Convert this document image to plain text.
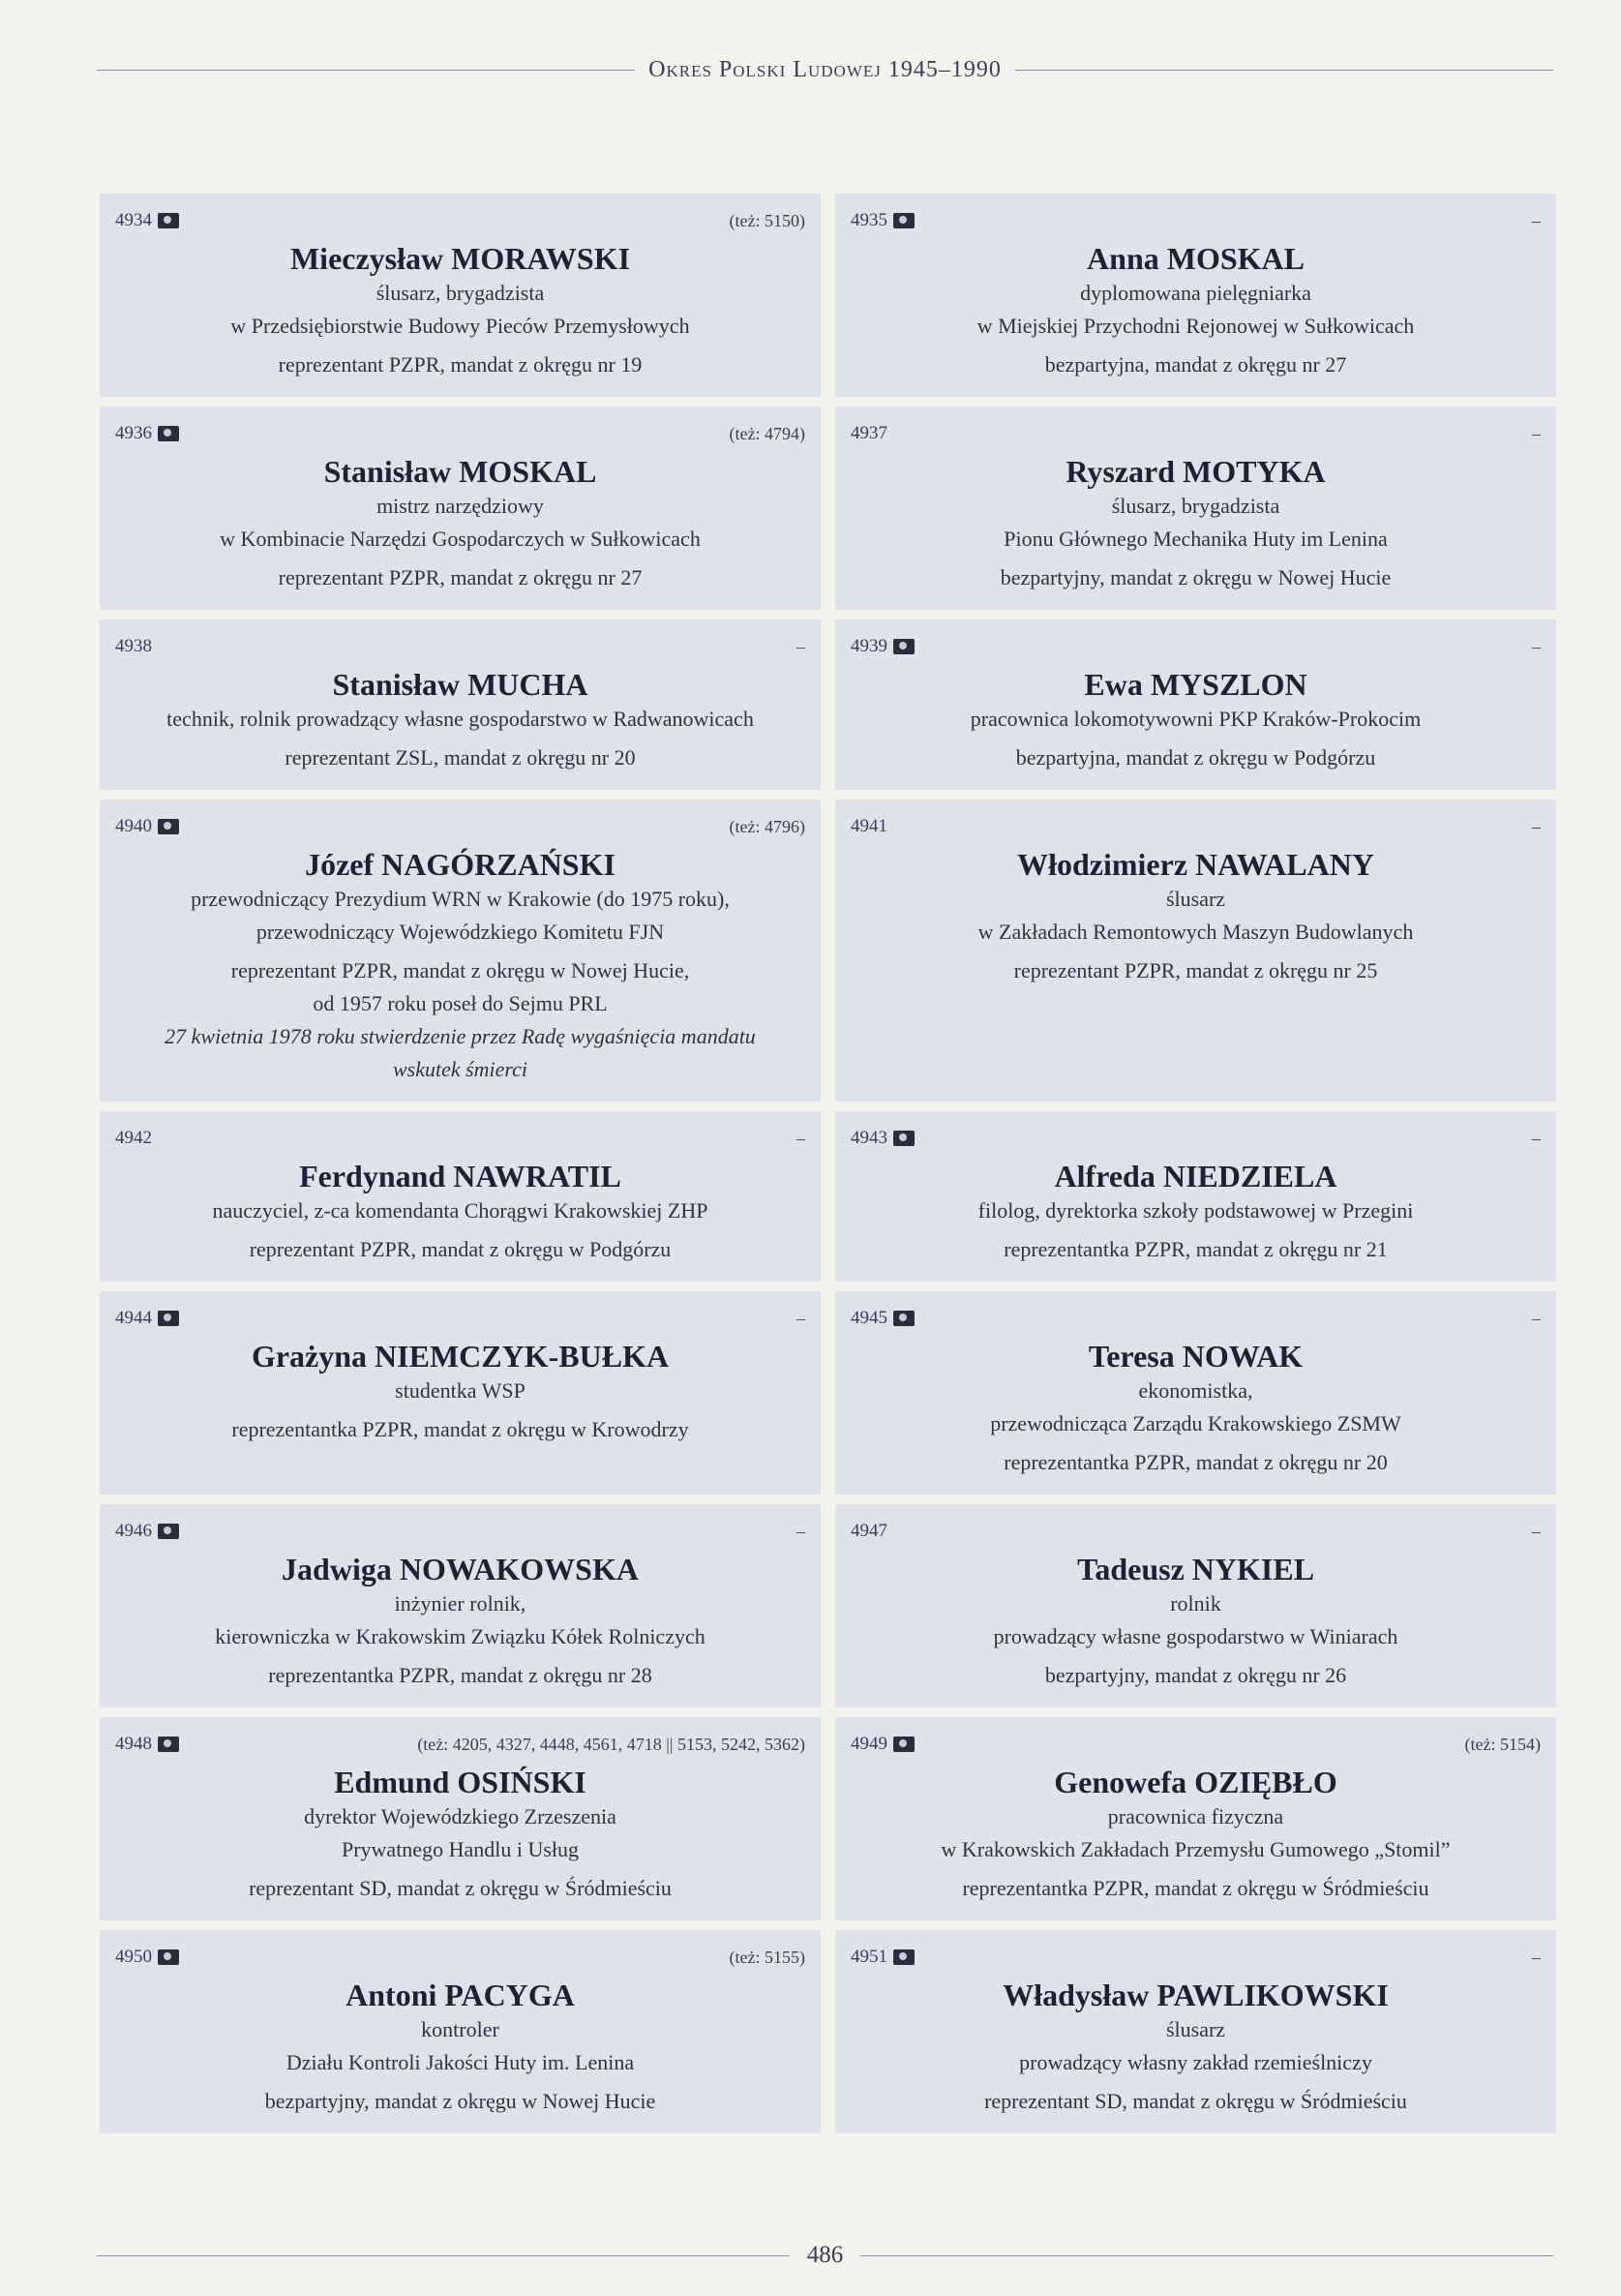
Okres Polski Ludowej 1945–1990
4934	(też: 5150)
Mieczysław MORAWSKI
ślusarz, brygadzista
w Przedsiębiorstwie Budowy Pieców Przemysłowych
reprezentant PZPR, mandat z okręgu nr 19
4935	–
Anna MOSKAL
dyplomowana pielęgniarka
w Miejskiej Przychodni Rejonowej w Sułkowicach
bezpartyjna, mandat z okręgu nr 27
4936	(też: 4794)
Stanisław MOSKAL
mistrz narzędziowy
w Kombinacie Narzędzi Gospodarczych w Sułkowicach
reprezentant PZPR, mandat z okręgu nr 27
4937	–
Ryszard MOTYKA
ślusarz, brygadzista
Pionu Głównego Mechanika Huty im Lenina
bezpartyjny, mandat z okręgu w Nowej Hucie
4938	–
Stanisław MUCHA
technik, rolnik prowadzący własne gospodarstwo w Radwanowicach
reprezentant ZSL, mandat z okręgu nr 20
4939	–
Ewa MYSZLON
pracownica lokomotywowni PKP Kraków-Prokocim
bezpartyjna, mandat z okręgu w Podgórzu
4940	(też: 4796)
Józef NAGÓRZAŃSKI
przewodniczący Prezydium WRN w Krakowie (do 1975 roku),
przewodniczący Wojewódzkiego Komitetu FJN
reprezentant PZPR, mandat z okręgu w Nowej Hucie,
od 1957 roku poseł do Sejmu PRL
27 kwietnia 1978 roku stwierdzenie przez Radę wygaśnięcia mandatu
wskutek śmierci
4941	–
Włodzimierz NAWALANY
ślusarz
w Zakładach Remontowych Maszyn Budowlanych
reprezentant PZPR, mandat z okręgu nr 25
4942	–
Ferdynand NAWRATIL
nauczyciel, z-ca komendanta Chorągwi Krakowskiej ZHP
reprezentant PZPR, mandat z okręgu w Podgórzu
4943	–
Alfreda NIEDZIELA
filolog, dyrektorka szkoły podstawowej w Przegini
reprezentantka PZPR, mandat z okręgu nr 21
4944	–
Grażyna NIEMCZYK-BUŁKA
studentka WSP
reprezentantka PZPR, mandat z okręgu w Krowodrzy
4945	–
Teresa NOWAK
ekonomistka,
przewodnicząca Zarządu Krakowskiego ZSMW
reprezentantka PZPR, mandat z okręgu nr 20
4946	–
Jadwiga NOWAKOWSKA
inżynier rolnik,
kierowniczka w Krakowskim Związku Kółek Rolniczych
reprezentantka PZPR, mandat z okręgu nr 28
4947	–
Tadeusz NYKIEL
rolnik
prowadzący własne gospodarstwo w Winiarach
bezpartyjny, mandat z okręgu nr 26
4948	(też: 4205, 4327, 4448, 4561, 4718 || 5153, 5242, 5362)
Edmund OSIŃSKI
dyrektor Wojewódzkiego Zrzeszenia
Prywatnego Handlu i Usług
reprezentant SD, mandat z okręgu w Śródmieściu
4949	(też: 5154)
Genowefa OZIĘBŁO
pracownica fizyczna
w Krakowskich Zakładach Przemysłu Gumowego „Stomil”
reprezentantka PZPR, mandat z okręgu w Śródmieściu
4950	(też: 5155)
Antoni PACYGA
kontroler
Działu Kontroli Jakości Huty im. Lenina
bezpartyjny, mandat z okręgu w Nowej Hucie
4951	–
Władysław PAWLIKOWSKI
ślusarz
prowadzący własny zakład rzemieślniczy
reprezentant SD, mandat z okręgu w Śródmieściu
486
